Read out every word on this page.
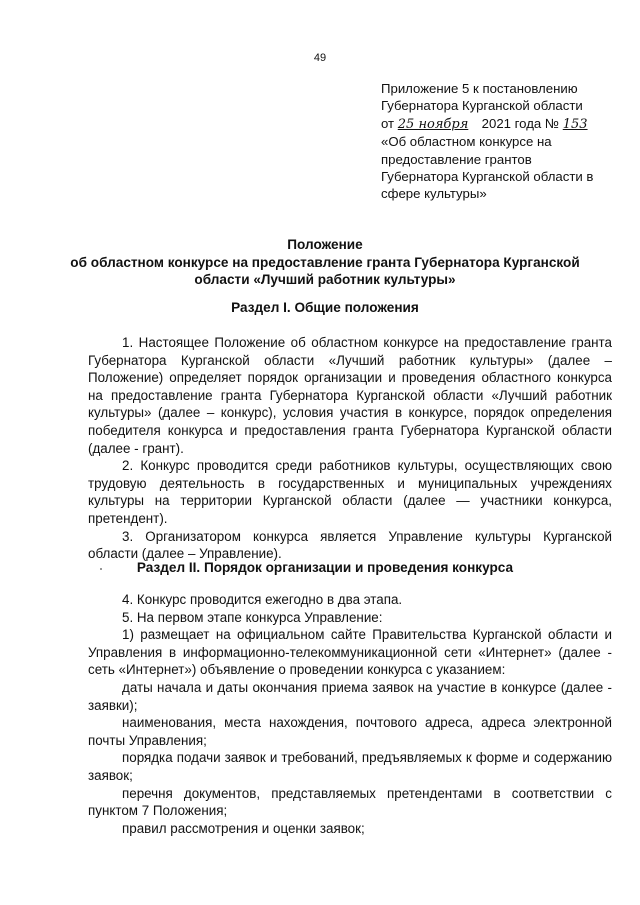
49
Приложение 5 к постановлению
Губернатора Курганской области
от 25 ноября 2021 года № 153
«Об областном конкурсе на
предоставление грантов
Губернатора Курганской области в
сфере культуры»
Положение
об областном конкурсе на предоставление гранта Губернатора Курганской
области «Лучший работник культуры»
Раздел I. Общие положения

1. Настоящее Положение об областном конкурсе на предоставление гранта Губернатора Курганской области «Лучший работник культуры» (далее – Положение) определяет порядок организации и проведения областного конкурса на предоставление гранта Губернатора Курганской области «Лучший работник культуры» (далее – конкурс), условия участия в конкурсе, порядок определения победителя конкурса и предоставления гранта Губернатора Курганской области (далее - грант).

2. Конкурс проводится среди работников культуры, осуществляющих свою трудовую деятельность в государственных и муниципальных учреждениях культуры на территории Курганской области (далее — участники конкурса, претендент).

3. Организатором конкурса является Управление культуры Курганской области (далее – Управление).

Раздел II. Порядок организации и проведения конкурса

4. Конкурс проводится ежегодно в два этапа.

5. На первом этапе конкурса Управление:

1) размещает на официальном сайте Правительства Курганской области и Управления в информационно-телекоммуникационной сети «Интернет» (далее - сеть «Интернет») объявление о проведении конкурса с указанием:

даты начала и даты окончания приема заявок на участие в конкурсе (далее - заявки);

наименования, места нахождения, почтового адреса, адреса электронной почты Управления;

порядка подачи заявок и требований, предъявляемых к форме и содержанию заявок;

перечня документов, представляемых претендентами в соответствии с пунктом 7 Положения;

правил рассмотрения и оценки заявок;
